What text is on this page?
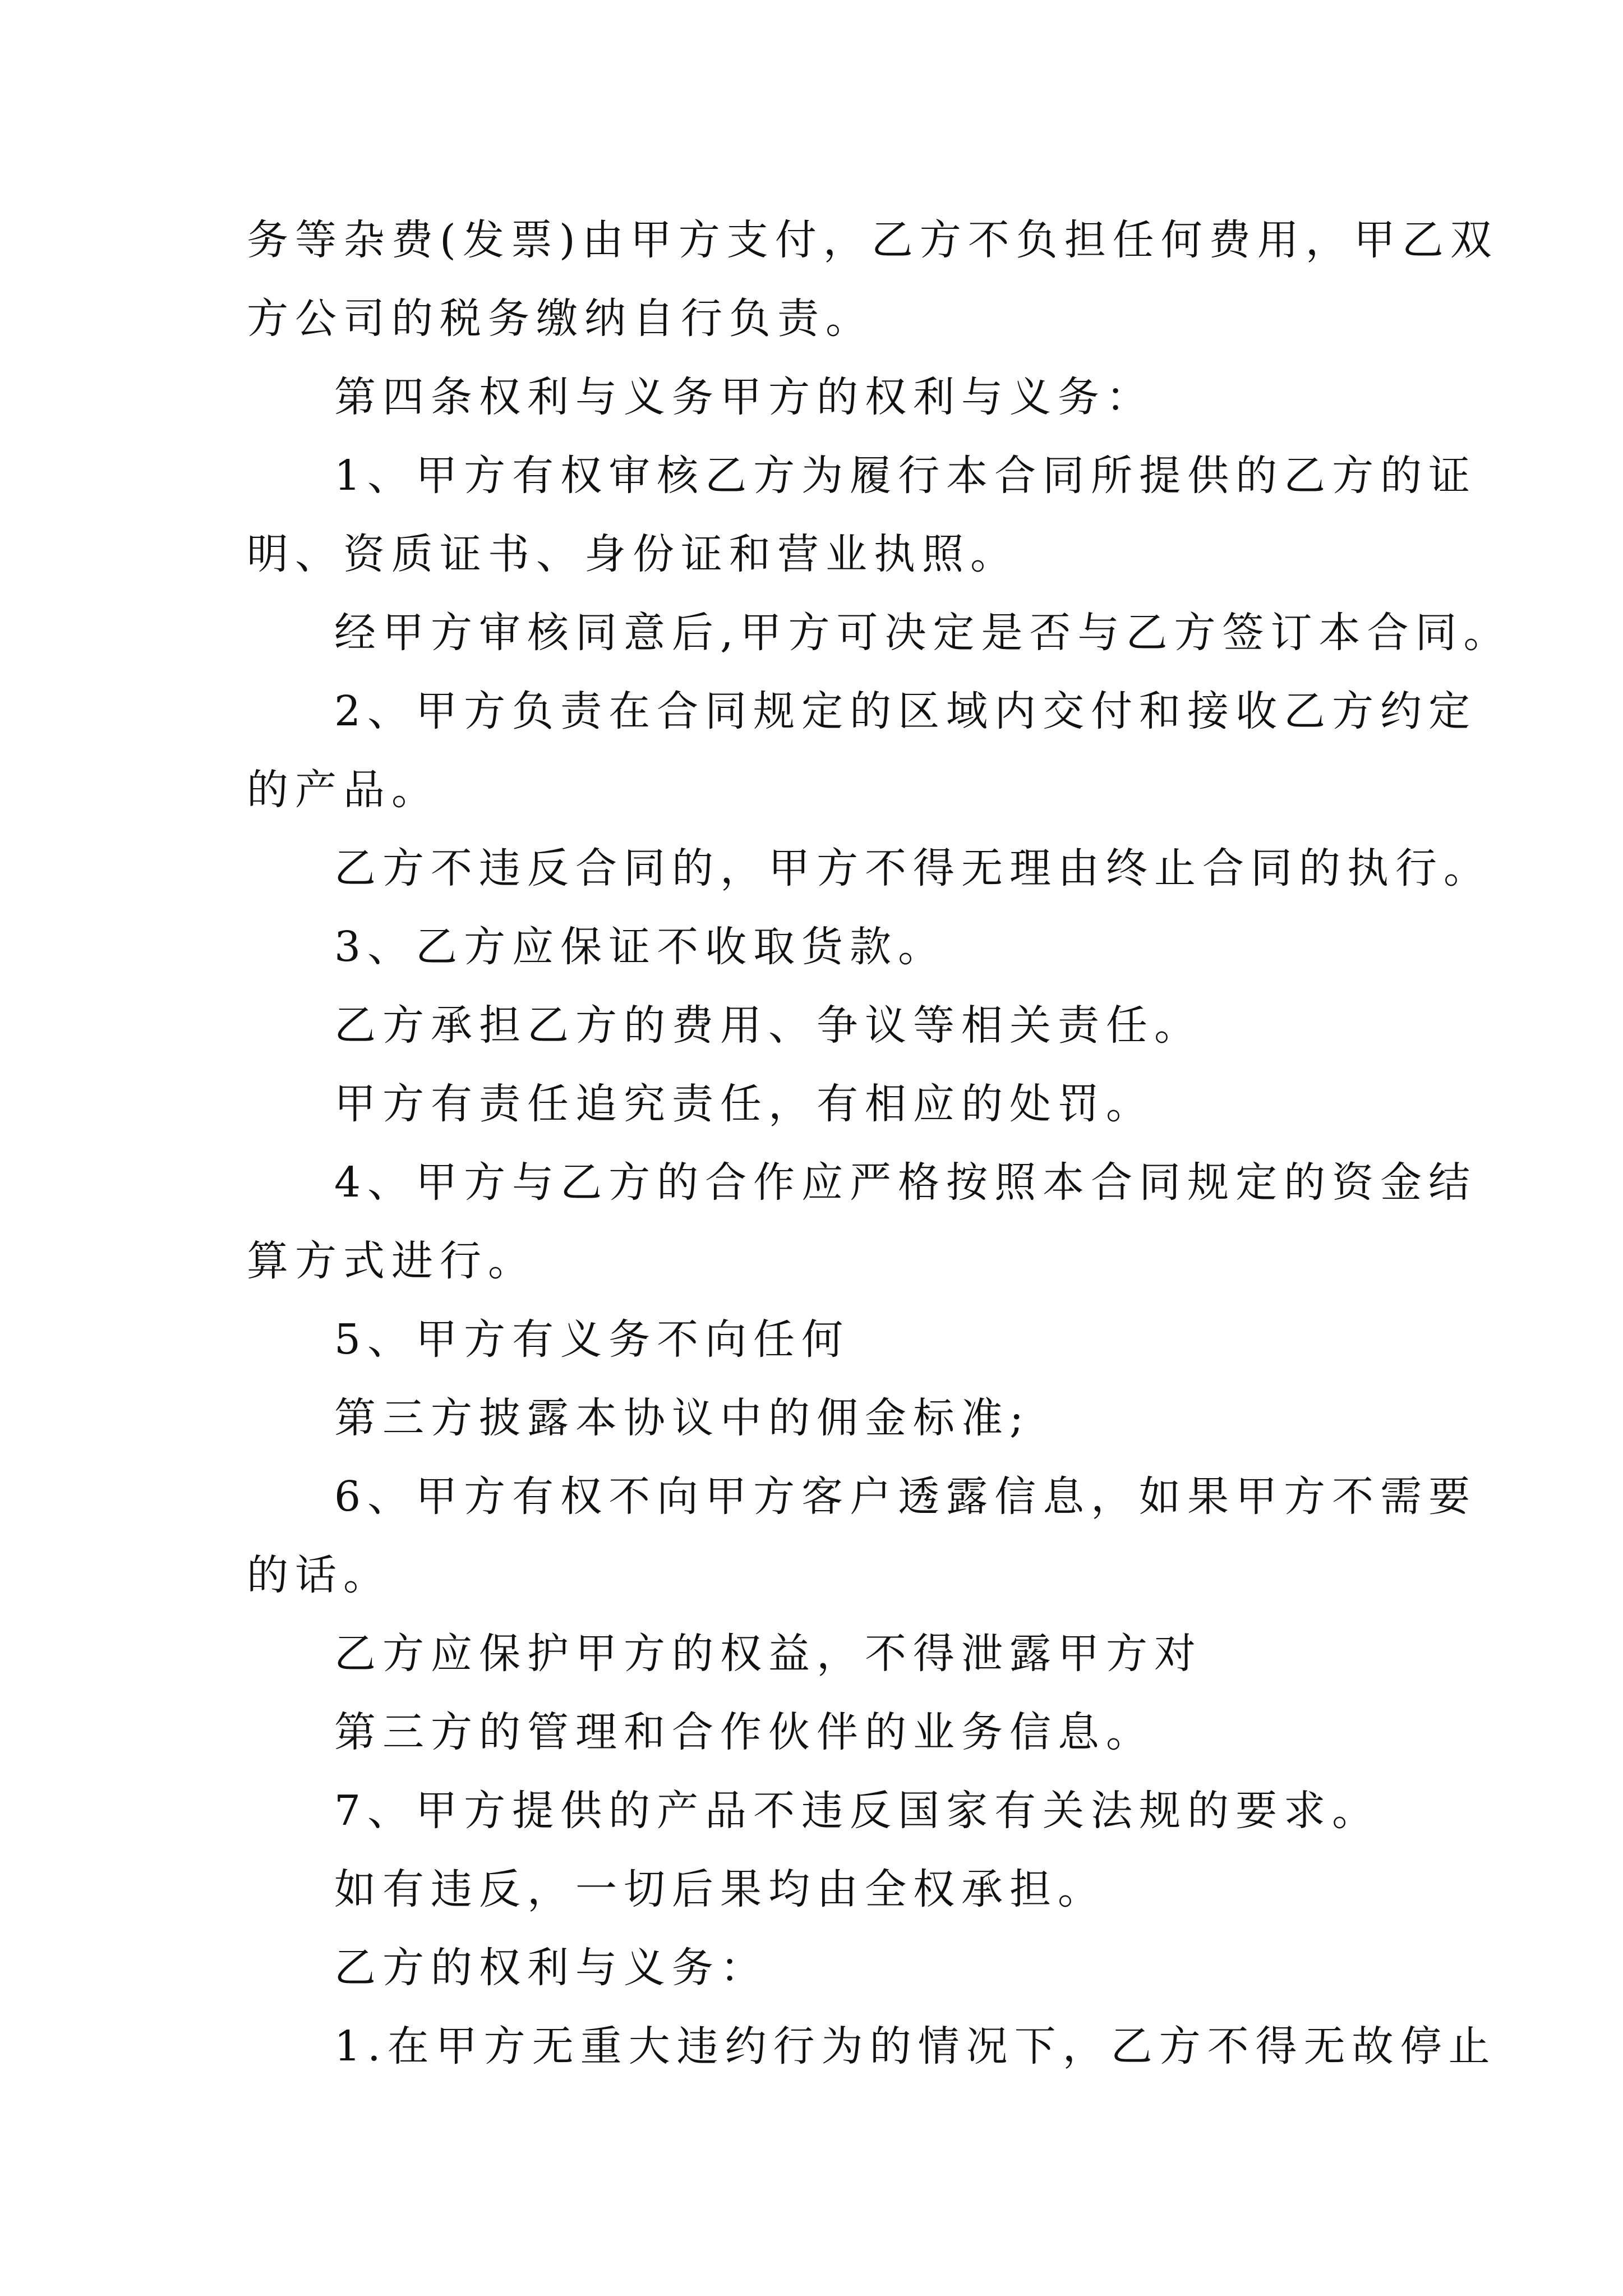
务等杂费(发票)由甲方支付，乙方不负担任何费用，甲乙双

方公司的税务缴纳自行负责。

第四条权利与义务甲方的权利与义务：

1、甲方有权审核乙方为履行本合同所提供的乙方的证

明、资质证书、身份证和营业执照。

经甲方审核同意后,甲方可决定是否与乙方签订本合同。

2、甲方负责在合同规定的区域内交付和接收乙方约定

的产品。

乙方不违反合同的，甲方不得无理由终止合同的执行。

3、乙方应保证不收取货款。

乙方承担乙方的费用、争议等相关责任。

甲方有责任追究责任，有相应的处罚。

4、甲方与乙方的合作应严格按照本合同规定的资金结

算方式进行。

5、甲方有义务不向任何

第三方披露本协议中的佣金标准;

6、甲方有权不向甲方客户透露信息，如果甲方不需要

的话。

乙方应保护甲方的权益，不得泄露甲方对

第三方的管理和合作伙伴的业务信息。

7、甲方提供的产品不违反国家有关法规的要求。

如有违反，一切后果均由全权承担。

乙方的权利与义务：

1.在甲方无重大违约行为的情况下，乙方不得无故停止
